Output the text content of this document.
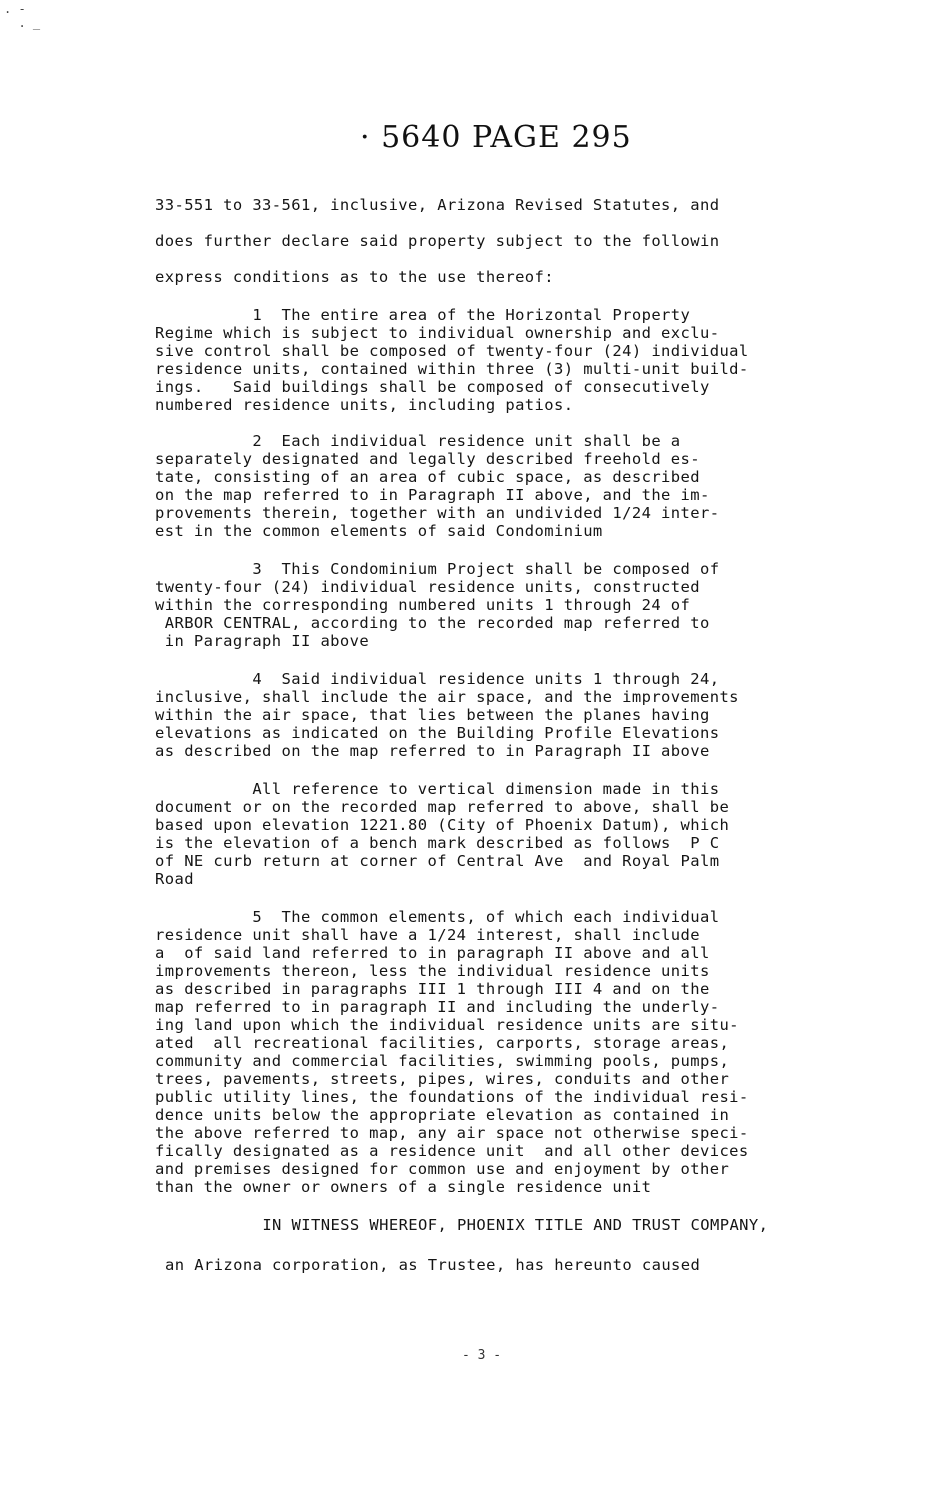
. -
. _
· 5640 PAGE 295
33-551 to 33-561, inclusive, Arizona Revised Statutes, and
does further declare said property subject to the followin
express conditions as to the use thereof:
1  The entire area of the Horizontal Property
Regime which is subject to individual ownership and exclu-
sive control shall be composed of twenty-four (24) individual
residence units, contained within three (3) multi-unit build-
ings.   Said buildings shall be composed of consecutively
numbered residence units, including patios.
2  Each individual residence unit shall be a
separately designated and legally described freehold es-
tate, consisting of an area of cubic space, as described
on the map referred to in Paragraph II above, and the im-
provements therein, together with an undivided 1/24 inter-
est in the common elements of said Condominium
3  This Condominium Project shall be composed of
twenty-four (24) individual residence units, constructed
within the corresponding numbered units 1 through 24 of
ARBOR CENTRAL, according to the recorded map referred to
in Paragraph II above
4  Said individual residence units 1 through 24,
inclusive, shall include the air space, and the improvements
within the air space, that lies between the planes having
elevations as indicated on the Building Profile Elevations
as described on the map referred to in Paragraph II above
All reference to vertical dimension made in this
document or on the recorded map referred to above, shall be
based upon elevation 1221.80 (City of Phoenix Datum), which
is the elevation of a bench mark described as follows  P C
of NE curb return at corner of Central Ave  and Royal Palm
Road
5  The common elements, of which each individual
residence unit shall have a 1/24 interest, shall include
a  of said land referred to in paragraph II above and all
improvements thereon, less the individual residence units
as described in paragraphs III 1 through III 4 and on the
map referred to in paragraph II and including the underly-
ing land upon which the individual residence units are situ-
ated  all recreational facilities, carports, storage areas,
community and commercial facilities, swimming pools, pumps,
trees, pavements, streets, pipes, wires, conduits and other
public utility lines, the foundations of the individual resi-
dence units below the appropriate elevation as contained in
the above referred to map, any air space not otherwise speci-
fically designated as a residence unit  and all other devices
and premises designed for common use and enjoyment by other
than the owner or owners of a single residence unit
IN WITNESS WHEREOF, PHOENIX TITLE AND TRUST COMPANY,
an Arizona corporation, as Trustee, has hereunto caused
- 3 -
